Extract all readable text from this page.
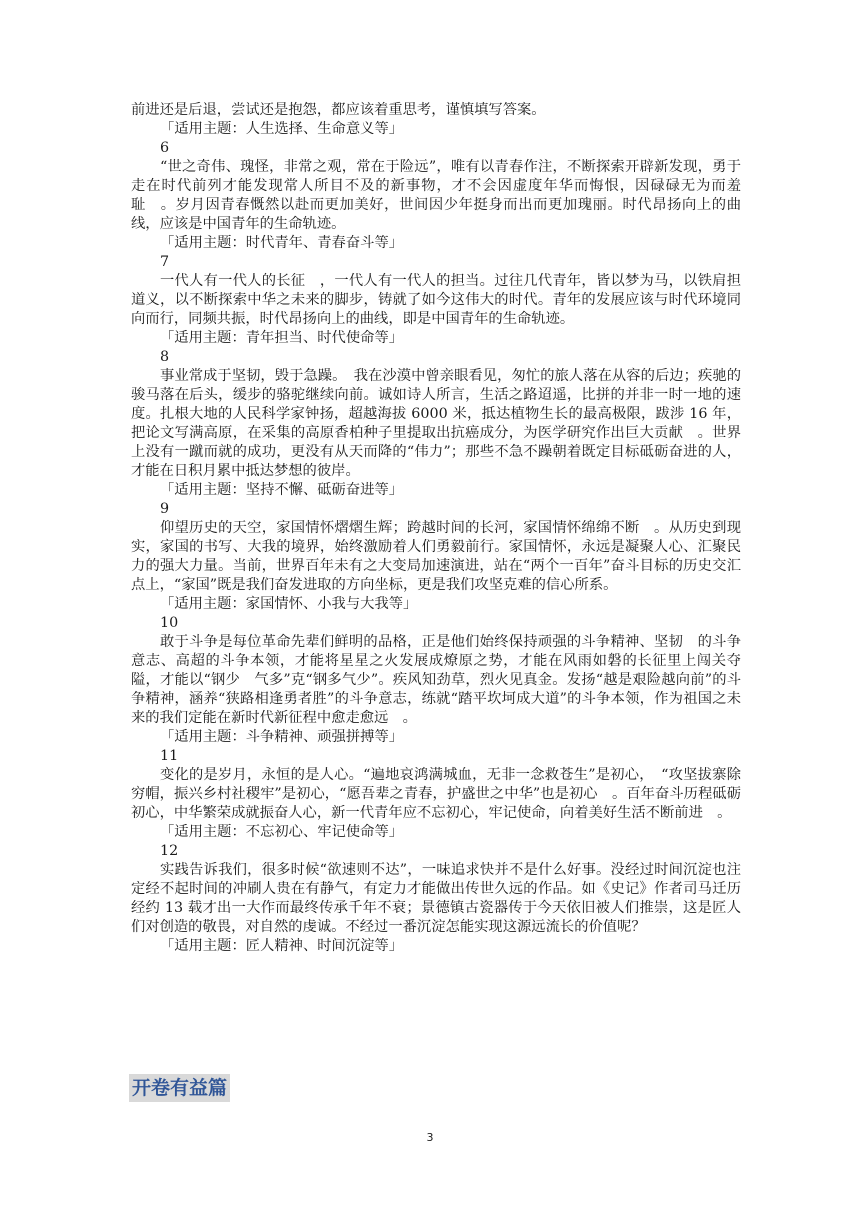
前进还是后退，尝试还是抱怨，都应该着重思考，谨慎填写答案。

「适用主题：人生选择、生命意义等」

6

“世之奇伟、瑰怪，非常之观，常在于险远”，唯有以青春作注，不断探索开辟新发现，勇于走在时代前列才能发现常人所目不及的新事物，才不会因虚度年华而悔恨，因碌碌无为而羞耻　。岁月因青春慨然以赴而更加美好，世间因少年挺身而出而更加瑰丽。时代昂扬向上的曲线，应该是中国青年的生命轨迹。

「适用主题：时代青年、青春奋斗等」

7

一代人有一代人的长征　，一代人有一代人的担当。过往几代青年，皆以梦为马，以铁肩担道义，以不断探索中华之未来的脚步，铸就了如今这伟大的时代。青年的发展应该与时代环境同向而行，同频共振，时代昂扬向上的曲线，即是中国青年的生命轨迹。

「适用主题：青年担当、时代使命等」

8

事业常成于坚韧，毁于急躁。　我在沙漠中曾亲眼看见，匆忙的旅人落在从容的后边；疾驰的骏马落在后头，缓步的骆驼继续向前。诚如诗人所言，生活之路迢遥，比拼的并非一时一地的速度。扎根大地的人民科学家钟扬，超越海拔 6000 米，抵达植物生长的最高极限，跋涉 16 年，把论文写满高原，在采集的高原香柏种子里提取出抗癌成分，为医学研究作出巨大贡献　。世界上没有一蹴而就的成功，更没有从天而降的“伟力”；那些不急不躁朝着既定目标砥砺奋进的人，才能在日积月累中抵达梦想的彼岸。

「适用主题：坚持不懈、砥砺奋进等」

9

仰望历史的天空，家国情怀熠熠生辉；跨越时间的长河，家国情怀绵绵不断　。从历史到现实，家国的书写、大我的境界，始终激励着人们勇毅前行。家国情怀，永远是凝聚人心、汇聚民力的强大力量。当前，世界百年未有之大变局加速演进，站在“两个一百年”奋斗目标的历史交汇点上，“家国”既是我们奋发进取的方向坐标，更是我们攻坚克难的信心所系。

「适用主题：家国情怀、小我与大我等」

10

敢于斗争是每位革命先辈们鲜明的品格，正是他们始终保持顽强的斗争精神、坚韧　的斗争意志、高超的斗争本领，才能将星星之火发展成燎原之势，才能在风雨如磐的长征里上闯关夺隘，才能以“钢少　气多”克“钢多气少”。疾风知劲草，烈火见真金。发扬“越是艰险越向前”的斗争精神，涵养“狭路相逢勇者胜”的斗争意志，练就“踏平坎坷成大道”的斗争本领，作为祖国之未来的我们定能在新时代新征程中愈走愈远　。

「适用主题：斗争精神、顽强拼搏等」

11

变化的是岁月，永恒的是人心。“遍地哀鸿满城血，无非一念救苍生”是初心，　“攻坚拔寨除穷帽，振兴乡村社稷牢”是初心，“愿吾辈之青春，护盛世之中华”也是初心　。百年奋斗历程砥砺初心，中华繁荣成就振奋人心，新一代青年应不忘初心，牢记使命，向着美好生活不断前进　。

「适用主题：不忘初心、牢记使命等」

12

实践告诉我们，很多时候“欲速则不达”，一味追求快并不是什么好事。没经过时间沉淀也注定经不起时间的冲刷人贵在有静气，有定力才能做出传世久远的作品。如《史记》作者司马迁历经约 13 载才出一大作而最终传承千年不衰；景德镇古瓷器传于今天依旧被人们推崇，这是匠人们对创造的敬畏，对自然的虔诚。不经过一番沉淀怎能实现这源远流长的价值呢？

「适用主题：匠人精神、时间沉淀等」

开卷有益篇
3
